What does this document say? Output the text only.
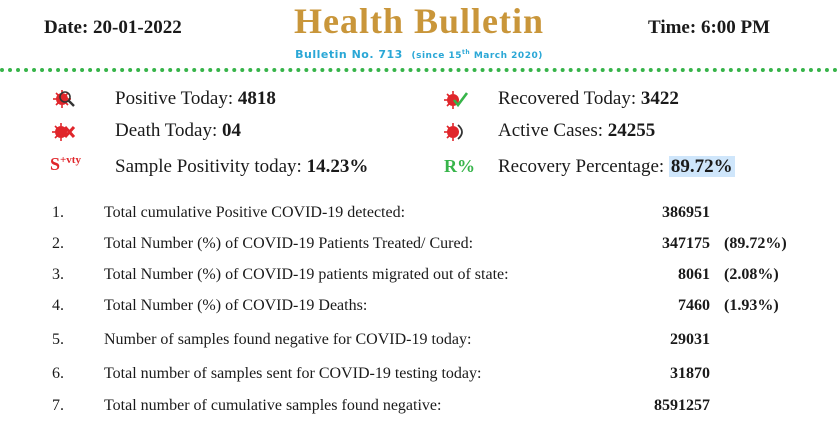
Date: 20-01-2022	Health Bulletin	Time: 6:00 PM
Bulletin No. 713 (since 15th March 2020)
Positive Today: 4818	Recovered Today: 3422
Death Today: 04	Active Cases: 24255
$S^{+vty}$ Sample Positivity today: 14.23%	R% Recovery Percentage: 89.72%
1.	Total cumulative Positive COVID-19 detected:	386951
2.	Total Number (%) of COVID-19 Patients Treated/ Cured:	347175 (89.72%)
3.	Total Number (%) of COVID-19 patients migrated out of state:	8061 (2.08%)
4.	Total Number (%) of COVID-19 Deaths:	7460 (1.93%)
5.	Number of samples found negative for COVID-19 today:	29031
6.	Total number of samples sent for COVID-19 testing today:	31870
7.	Total number of cumulative samples found negative:	8591257
